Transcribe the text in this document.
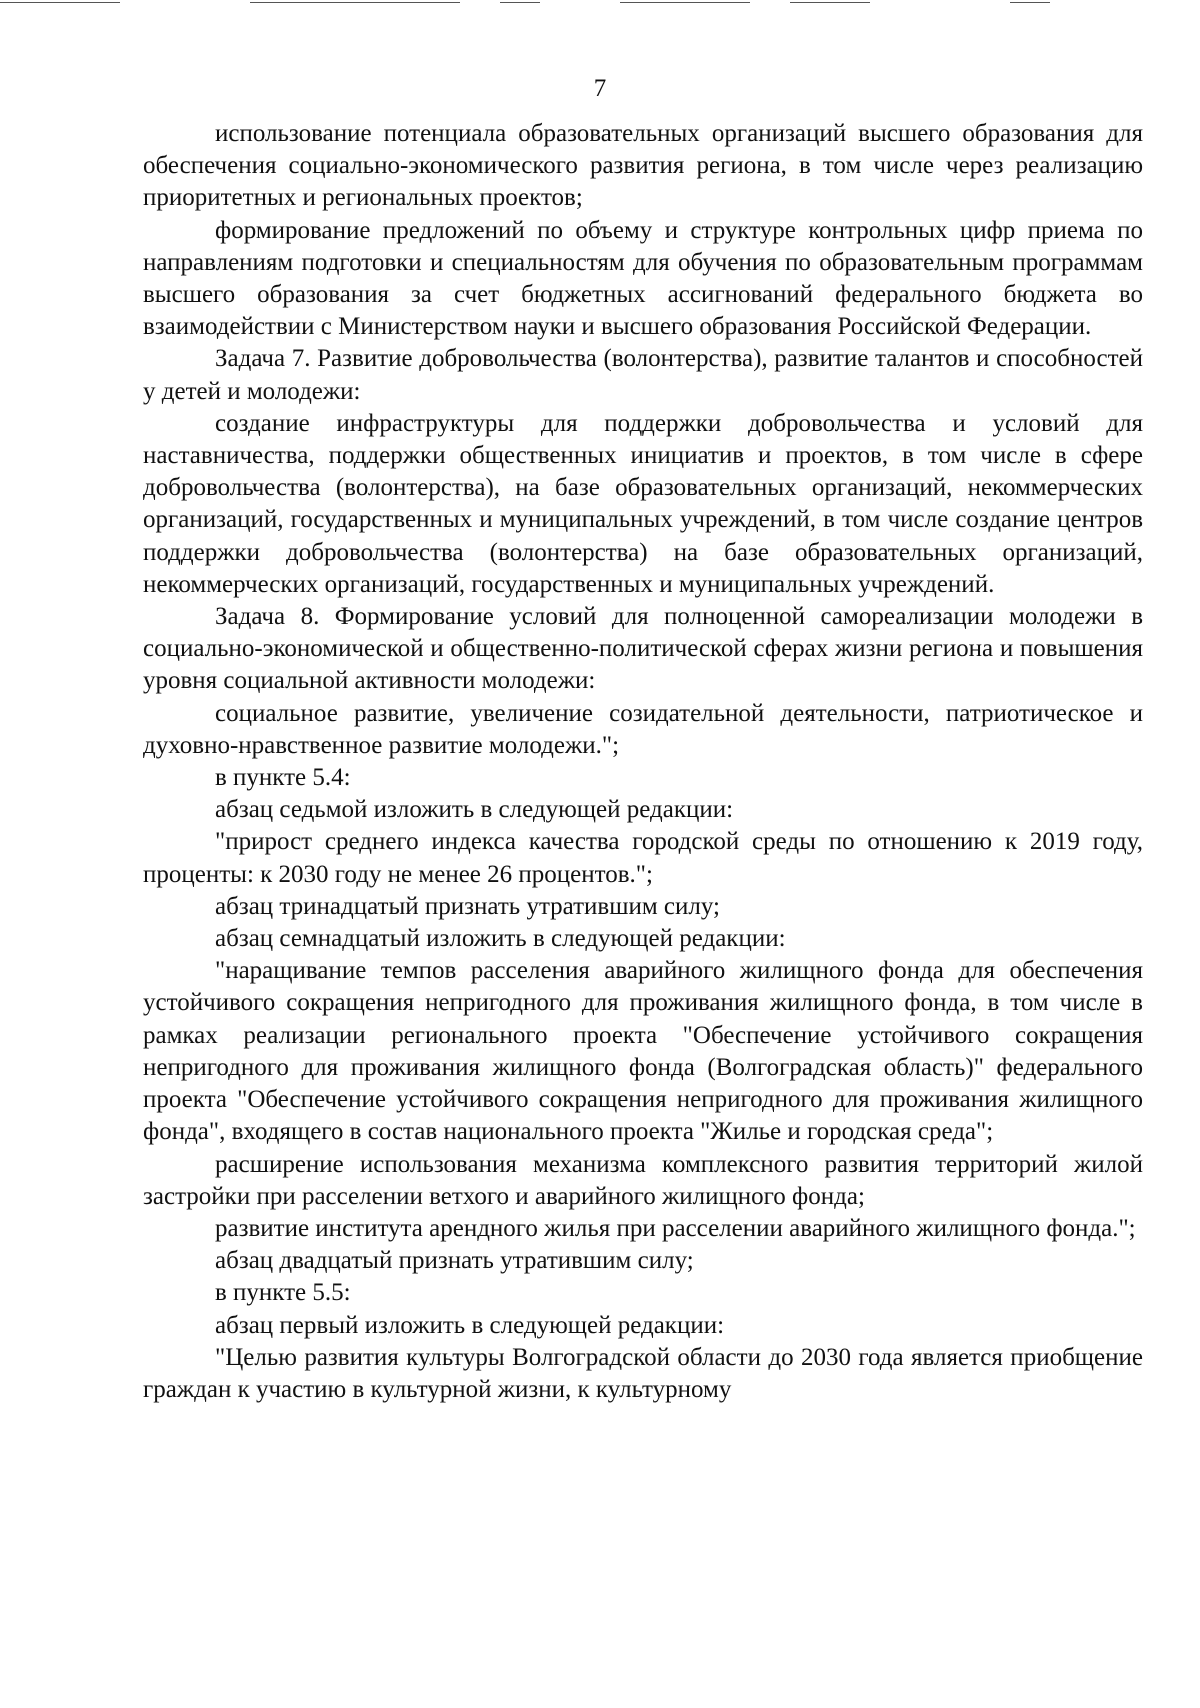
7

использование потенциала образовательных организаций высшего образования для обеспечения социально-экономического развития региона, в том числе через реализацию приоритетных и региональных проектов;

формирование предложений по объему и структуре контрольных цифр приема по направлениям подготовки и специальностям для обучения по образовательным программам высшего образования за счет бюджетных ассигнований федерального бюджета во взаимодействии с Министерством науки и высшего образования Российской Федерации.

Задача 7. Развитие добровольчества (волонтерства), развитие талантов и способностей у детей и молодежи:

создание инфраструктуры для поддержки добровольчества и условий для наставничества, поддержки общественных инициатив и проектов, в том числе в сфере добровольчества (волонтерства), на базе образовательных организаций, некоммерческих организаций, государственных и муниципальных учреждений, в том числе создание центров поддержки добровольчества (волонтерства) на базе образовательных организаций, некоммерческих организаций, государственных и муниципальных учреждений.

Задача 8. Формирование условий для полноценной самореализации молодежи в социально-экономической и общественно-политической сферах жизни региона и повышения уровня социальной активности молодежи:

социальное развитие, увеличение созидательной деятельности, патриотическое и духовно-нравственное развитие молодежи.";

в пункте 5.4:

абзац седьмой изложить в следующей редакции:

"прирост среднего индекса качества городской среды по отношению к 2019 году, проценты: к 2030 году не менее 26 процентов.";

абзац тринадцатый признать утратившим силу;

абзац семнадцатый изложить в следующей редакции:

"наращивание темпов расселения аварийного жилищного фонда для обеспечения устойчивого сокращения непригодного для проживания жилищного фонда, в том числе в рамках реализации регионального проекта "Обеспечение устойчивого сокращения непригодного для проживания жилищного фонда (Волгоградская область)" федерального проекта "Обеспечение устойчивого сокращения непригодного для проживания жилищного фонда", входящего в состав национального проекта "Жилье и городская среда";

расширение использования механизма комплексного развития территорий жилой застройки при расселении ветхого и аварийного жилищного фонда;

развитие института арендного жилья при расселении аварийного жилищного фонда.";

абзац двадцатый признать утратившим силу;

в пункте 5.5:

абзац первый изложить в следующей редакции:

"Целью развития культуры Волгоградской области до 2030 года является приобщение граждан к участию в культурной жизни, к культурному
